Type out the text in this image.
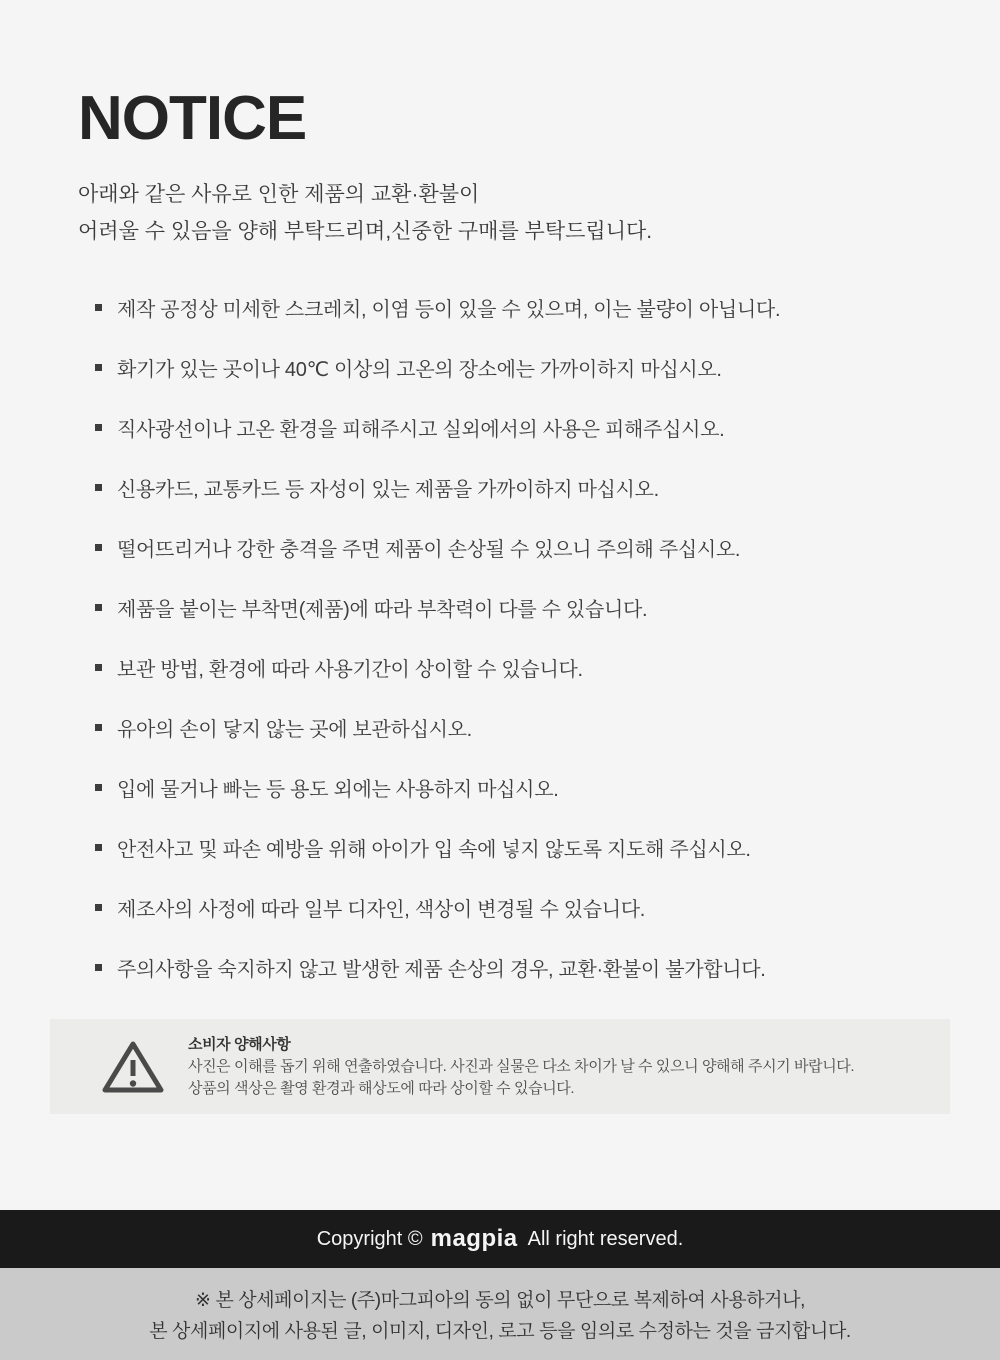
NOTICE
아래와 같은 사유로 인한 제품의 교환·환불이
어려울 수 있음을 양해 부탁드리며,신중한 구매를 부탁드립니다.
제작 공정상 미세한 스크레치, 이염 등이 있을 수 있으며, 이는 불량이 아닙니다.
화기가 있는 곳이나 40℃ 이상의 고온의 장소에는 가까이하지 마십시오.
직사광선이나 고온 환경을 피해주시고 실외에서의 사용은 피해주십시오.
신용카드, 교통카드 등 자성이 있는 제품을 가까이하지 마십시오.
떨어뜨리거나 강한 충격을 주면 제품이 손상될 수 있으니 주의해 주십시오.
제품을 붙이는 부착면(제품)에 따라 부착력이 다를 수 있습니다.
보관 방법, 환경에 따라 사용기간이 상이할 수 있습니다.
유아의 손이 닿지 않는 곳에 보관하십시오.
입에 물거나 빠는 등 용도 외에는 사용하지 마십시오.
안전사고 및 파손 예방을 위해 아이가 입 속에 넣지 않도록 지도해 주십시오.
제조사의 사정에 따라 일부 디자인, 색상이 변경될 수 있습니다.
주의사항을 숙지하지 않고 발생한 제품 손상의 경우, 교환·환불이 불가합니다.
소비자 양해사항
사진은 이해를 돕기 위해 연출하였습니다. 사진과 실물은 다소 차이가 날 수 있으니 양해해 주시기 바랍니다.
상품의 색상은 촬영 환경과 해상도에 따라 상이할 수 있습니다.
Copyright © magpia All right reserved.
※ 본 상세페이지는 (주)마그피아의 동의 없이 무단으로 복제하여 사용하거나,
본 상세페이지에 사용된 글, 이미지, 디자인, 로고 등을 임의로 수정하는 것을 금지합니다.
